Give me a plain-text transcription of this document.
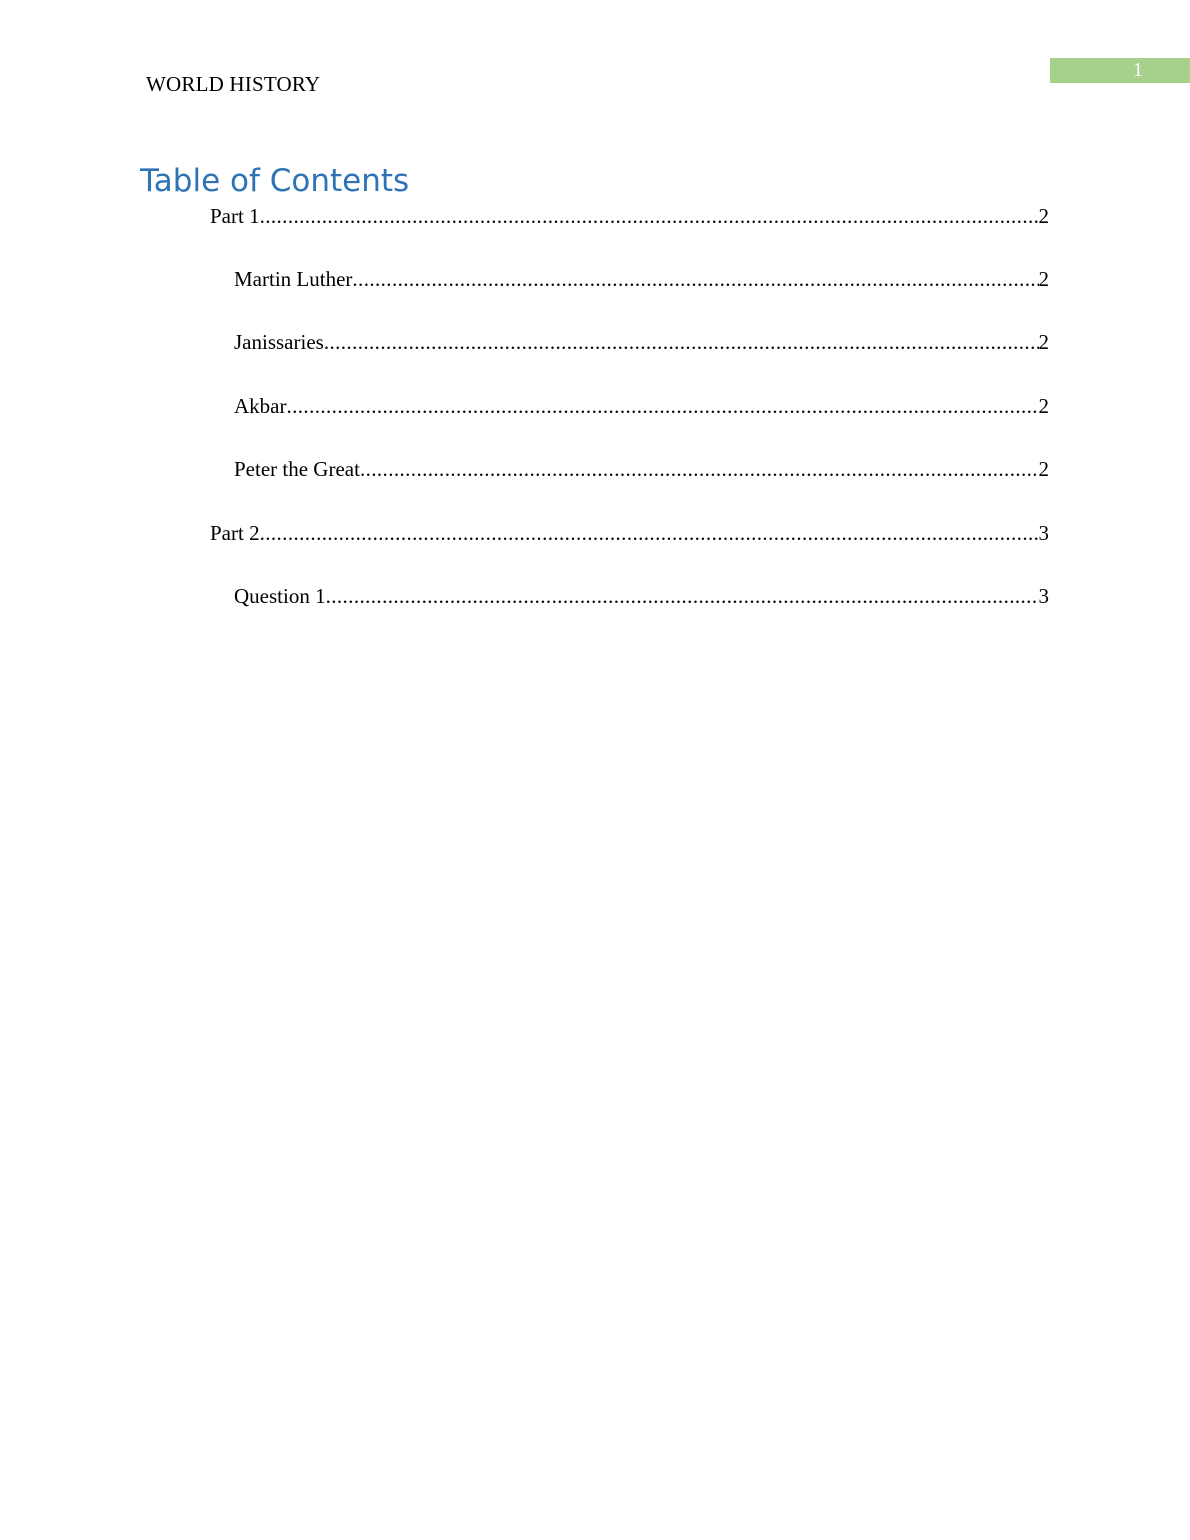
1
WORLD HISTORY
Table of Contents
Part 1 .....	2
Martin Luther .....	2
Janissaries .....	2
Akbar .....	2
Peter the Great .....	2
Part 2 .....	3
Question 1 .....	3
